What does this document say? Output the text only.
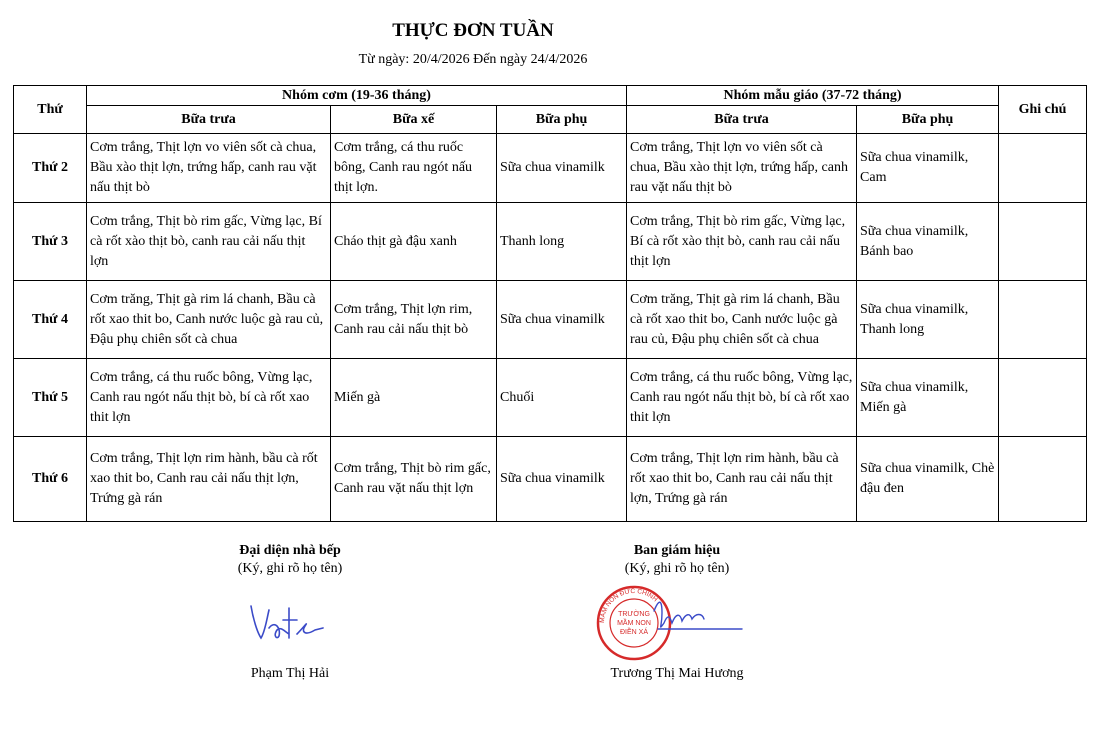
THỰC ĐƠN TUẦN
Từ ngày: 20/4/2026 Đến ngày 24/4/2026
Thứ	Nhóm cơm (19-36 tháng)			Nhóm mẫu giáo (37-72 tháng)		Ghi chú
	Bữa trưa	Bữa xế	Bữa phụ	Bữa trưa	Bữa phụ	
Thứ 2	Cơm trắng, Thịt lợn vo viên sốt cà chua, Bầu xào thịt lợn, trứng hấp, canh rau vặt nấu thịt bò	Cơm trắng, cá thu ruốc bông, Canh rau ngót nấu thịt lợn.	Sữa chua vinamilk	Cơm trắng, Thịt lợn vo viên sốt cà chua, Bầu xào thịt lợn, trứng hấp, canh rau vặt nấu thịt bò	Sữa chua vinamilk, Cam	
Thứ 3	Cơm trắng, Thịt bò rim gấc, Vừng lạc, Bí cà rốt xào thịt bò, canh rau cải nấu thịt lợn	Cháo thịt gà đậu xanh	Thanh long	Cơm trắng, Thịt bò rim gấc, Vừng lạc, Bí cà rốt xào thịt bò, canh rau cải nấu thịt lợn	Sữa chua vinamilk, Bánh bao	
Thứ 4	Cơm trăng, Thịt gà rim lá chanh, Bầu cà rốt xao thit bo, Canh nước luộc gà rau củ, Đậu phụ chiên sốt cà chua	Cơm trắng, Thịt lợn rim, Canh rau cải nấu thịt bò	Sữa chua vinamilk	Cơm trăng, Thịt gà rim lá chanh, Bầu cà rốt xao thit bo, Canh nước luộc gà rau củ, Đậu phụ chiên sốt cà chua	Sữa chua vinamilk, Thanh long	
Thứ 5	Cơm trắng, cá thu ruốc bông, Vừng lạc, Canh rau ngót nấu thịt bò, bí cà rốt xao thit lợn	Miến gà	Chuối	Cơm trắng, cá thu ruốc bông, Vừng lạc, Canh rau ngót nấu thịt bò, bí cà rốt xao thit lợn	Sữa chua vinamilk, Miến gà	
Thứ 6	Cơm trắng, Thịt lợn rim hành, bầu cà rốt xao thit bo, Canh rau cải nấu thịt lợn, Trứng gà rán	Cơm trắng, Thịt bò rim gấc, Canh rau vặt nấu thịt lợn	Sữa chua vinamilk	Cơm trắng, Thịt lợn rim hành, bầu cà rốt xao thit bo, Canh rau cải nấu thịt lợn, Trứng gà rán	Sữa chua vinamilk, Chè đậu đen	
Đại diện nhà bếp
(Ký, ghi rõ họ tên)
Phạm Thị Hải
Ban giám hiệu
(Ký, ghi rõ họ tên)
MẦM NON ĐỨC CHÍNH
TRƯỜNG
MẦM NON
ĐIỀN XÁ
Trương Thị Mai Hương
